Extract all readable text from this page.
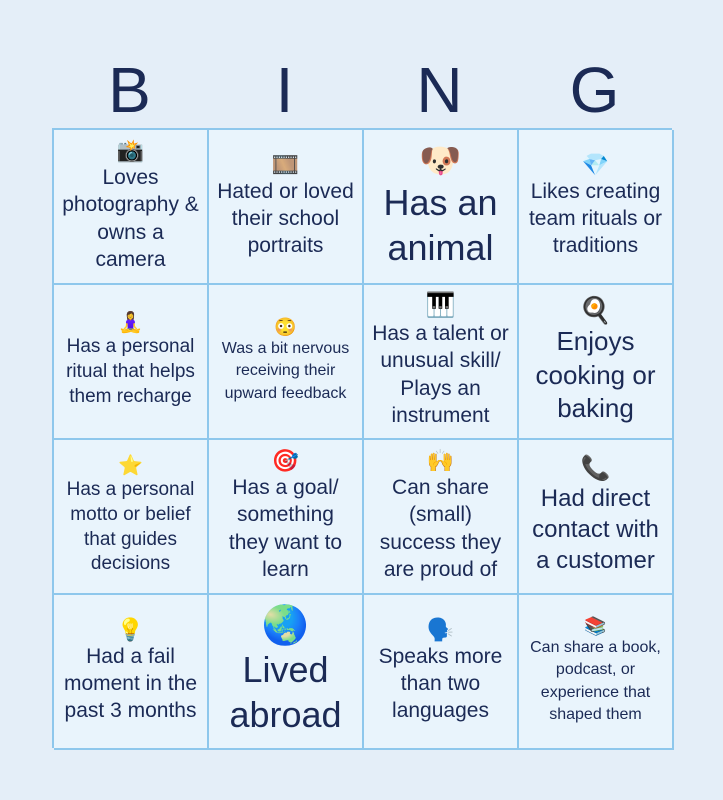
B	I	N	G
📸
Loves photography & owns a camera
🎞️
Hated or loved their school portraits
🐶
Has an animal
💎
Likes creating team rituals or traditions
🧘‍♀️
Has a personal ritual that helps them recharge
😳
Was a bit nervous receiving their upward feedback
🎹
Has a talent or unusual skill/ Plays an instrument
🍳
Enjoys cooking or baking
⭐
Has a personal motto or belief that guides decisions
🎯
Has a goal/ something they want to learn
🙌
Can share (small) success they are proud of
📞
Had direct contact with a customer
💡
Had a fail moment in the past 3 months
🌏
Lived abroad
🗣️
Speaks more than two languages
📚
Can share a book, podcast, or experience that shaped them
